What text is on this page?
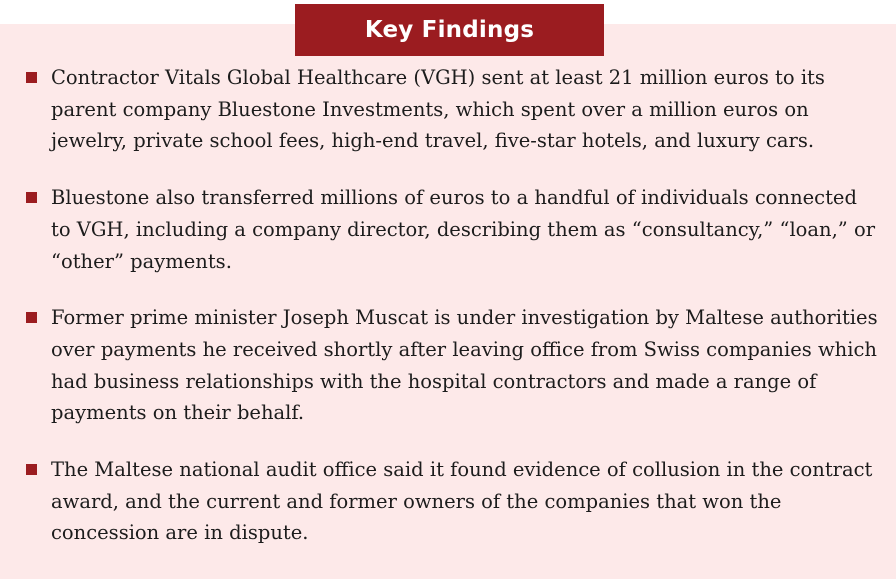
Key Findings
Contractor Vitals Global Healthcare (VGH) sent at least 21 million euros to its
parent company Bluestone Investments, which spent over a million euros on
jewelry, private school fees, high-end travel, five-star hotels, and luxury cars.
Bluestone also transferred millions of euros to a handful of individuals connected
to VGH, including a company director, describing them as “consultancy,” “loan,” or
“other” payments.
Former prime minister Joseph Muscat is under investigation by Maltese authorities
over payments he received shortly after leaving office from Swiss companies which
had business relationships with the hospital contractors and made a range of
payments on their behalf.
The Maltese national audit office said it found evidence of collusion in the contract
award, and the current and former owners of the companies that won the
concession are in dispute.
